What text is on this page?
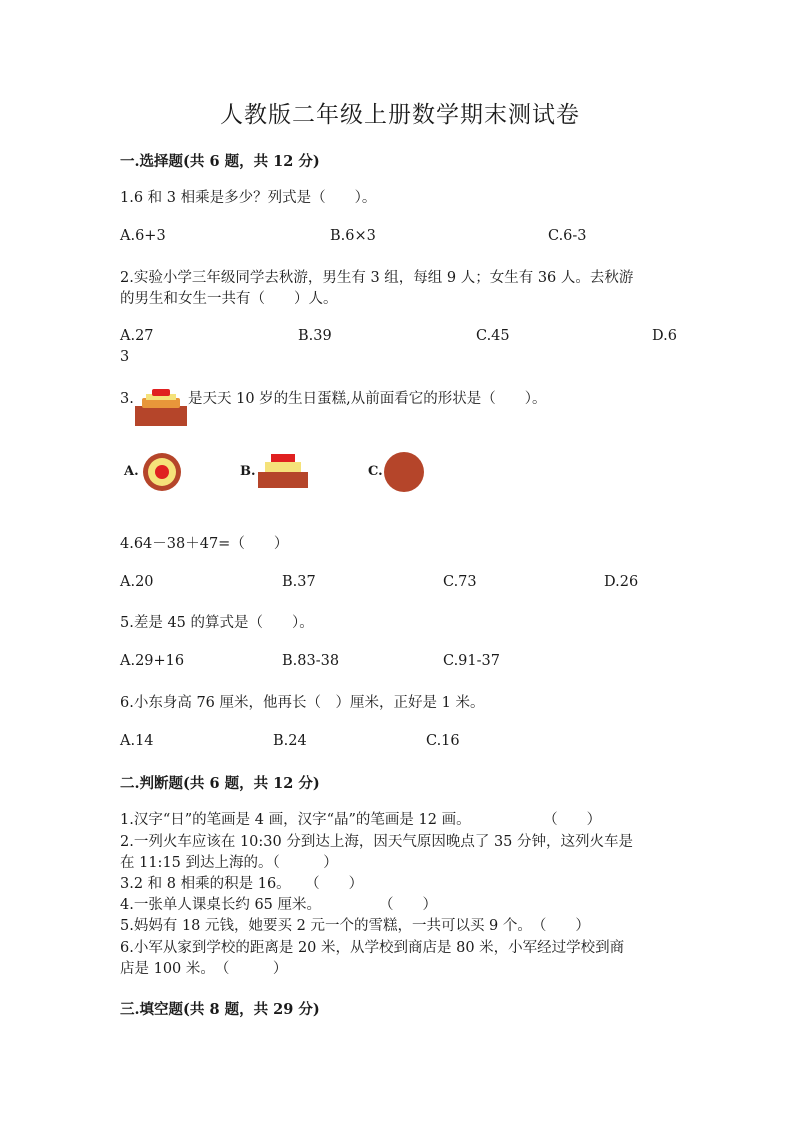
人教版二年级上册数学期末测试卷
一.选择题(共 6 题，共 12 分)
1.6 和 3 相乘是多少？列式是（　　）。
A.6+3	B.6×3	C.6-3
2.实验小学三年级同学去秋游，男生有 3 组，每组 9 人；女生有 36 人。去秋游
的男生和女生一共有（　　）人。
A.27	B.39	C.45	D.6
3
3.	是天天 10 岁的生日蛋糕,从前面看它的形状是（　　）。
A.	B.	C.
4.64－38＋47=（　　）
A.20	B.37	C.73	D.26
5.差是 45 的算式是（　　）。
A.29+16	B.83-38	C.91-37
6.小东身高 76 厘米，他再长（　）厘米，正好是 1 米。
A.14	B.24	C.16
二.判断题(共 6 题，共 12 分)
1.汉字“日”的笔画是 4 画，汉字“晶”的笔画是 12 画。　　　　　　（　　）
2.一列火车应该在 10:30 分到达上海，因天气原因晚点了 35 分钟，这列火车是
在 11:15 到达上海的。（　　　）
3.2 和 8 相乘的积是 16。　　（　　）
4.一张单人课桌长约 65 厘米。　　　　　（　　）
5.妈妈有 18 元钱，她要买 2 元一个的雪糕，一共可以买 9 个。　（　　）
6.小军从家到学校的距离是 20 米，从学校到商店是 80 米，小军经过学校到商
店是 100 米。　（　　　）
三.填空题(共 8 题，共 29 分)
